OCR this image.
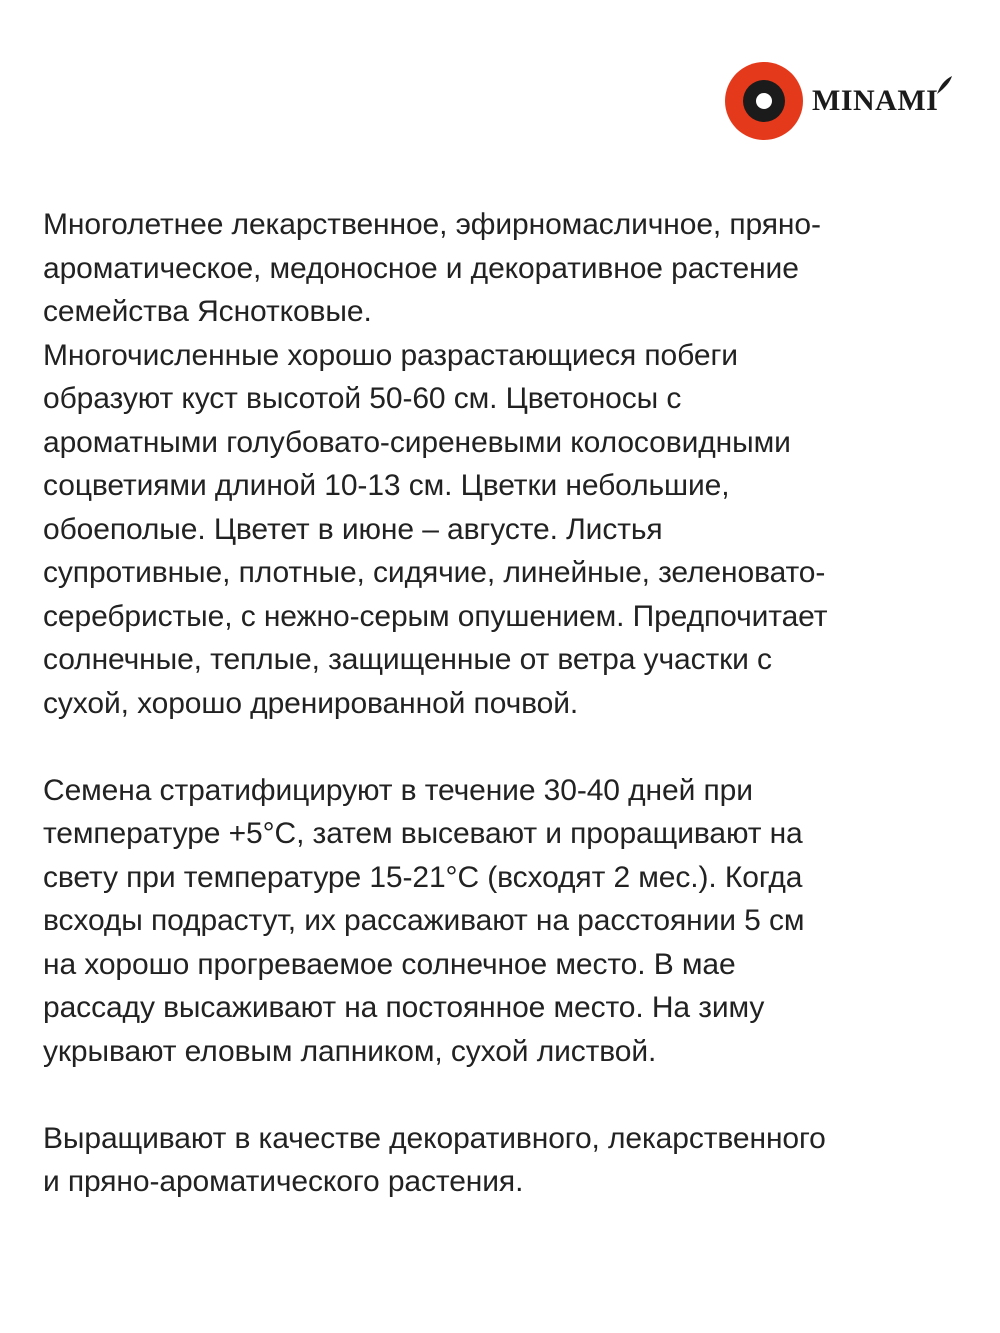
MINAMI

Многолетнее лекарственное, эфирномасличное, пряно-
ароматическое, медоносное и декоративное растение
семейства Яснотковые.
Многочисленные хорошо разрастающиеся побеги
образуют куст высотой 50-60 см. Цветоносы с
ароматными голубовато-сиреневыми колосовидными
соцветиями длиной 10-13 см. Цветки небольшие,
обоеполые. Цветет в июне – августе. Листья
супротивные, плотные, сидячие, линейные, зеленовато-
серебристые, с нежно-серым опушением. Предпочитает
солнечные, теплые, защищенные от ветра участки с
сухой, хорошо дренированной почвой.

Семена стратифицируют в течение 30-40 дней при
температуре +5°С, затем высевают и проращивают на
свету при температуре 15-21°С (всходят 2 мес.). Когда
всходы подрастут, их рассаживают на расстоянии 5 см
на хорошо прогреваемое солнечное место. В мае
рассаду высаживают на постоянное место. На зиму
укрывают еловым лапником, сухой листвой.

Выращивают в качестве декоративного, лекарственного
и пряно-ароматического растения.
